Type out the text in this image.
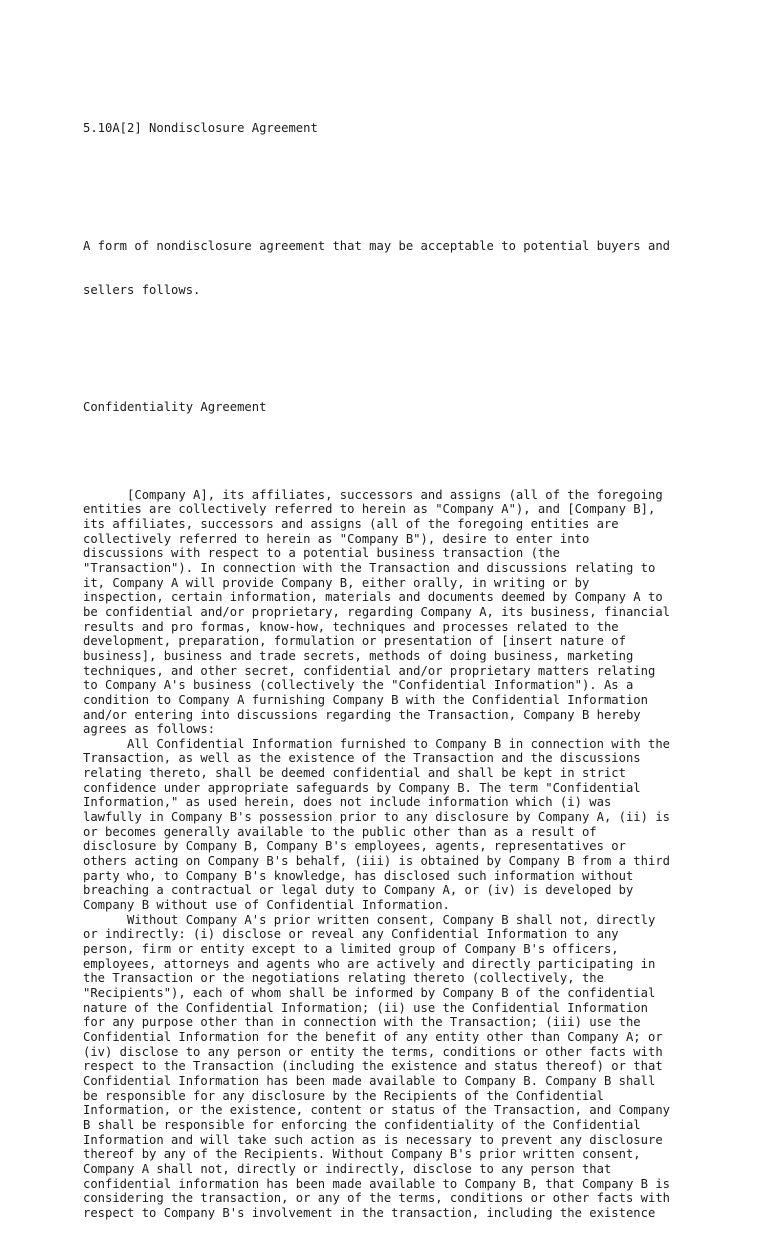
5.10A[2] Nondisclosure Agreement

A form of nondisclosure agreement that may be acceptable to potential buyers and

sellers follows.

Confidentiality Agreement

[Company A], its affiliates, successors and assigns (all of the foregoing
entities are collectively referred to herein as "Company A"), and [Company B],
its affiliates, successors and assigns (all of the foregoing entities are
collectively referred to herein as "Company B"), desire to enter into
discussions with respect to a potential business transaction (the
"Transaction"). In connection with the Transaction and discussions relating to
it, Company A will provide Company B, either orally, in writing or by
inspection, certain information, materials and documents deemed by Company A to
be confidential and/or proprietary, regarding Company A, its business, financial
results and pro formas, know-how, techniques and processes related to the
development, preparation, formulation or presentation of [insert nature of
business], business and trade secrets, methods of doing business, marketing
techniques, and other secret, confidential and/or proprietary matters relating
to Company A's business (collectively the "Confidential Information"). As a
condition to Company A furnishing Company B with the Confidential Information
and/or entering into discussions regarding the Transaction, Company B hereby
agrees as follows:
All Confidential Information furnished to Company B in connection with the
Transaction, as well as the existence of the Transaction and the discussions
relating thereto, shall be deemed confidential and shall be kept in strict
confidence under appropriate safeguards by Company B. The term "Confidential
Information," as used herein, does not include information which (i) was
lawfully in Company B's possession prior to any disclosure by Company A, (ii) is
or becomes generally available to the public other than as a result of
disclosure by Company B, Company B's employees, agents, representatives or
others acting on Company B's behalf, (iii) is obtained by Company B from a third
party who, to Company B's knowledge, has disclosed such information without
breaching a contractual or legal duty to Company A, or (iv) is developed by
Company B without use of Confidential Information.
Without Company A's prior written consent, Company B shall not, directly
or indirectly: (i) disclose or reveal any Confidential Information to any
person, firm or entity except to a limited group of Company B's officers,
employees, attorneys and agents who are actively and directly participating in
the Transaction or the negotiations relating thereto (collectively, the
"Recipients"), each of whom shall be informed by Company B of the confidential
nature of the Confidential Information; (ii) use the Confidential Information
for any purpose other than in connection with the Transaction; (iii) use the
Confidential Information for the benefit of any entity other than Company A; or
(iv) disclose to any person or entity the terms, conditions or other facts with
respect to the Transaction (including the existence and status thereof) or that
Confidential Information has been made available to Company B. Company B shall
be responsible for any disclosure by the Recipients of the Confidential
Information, or the existence, content or status of the Transaction, and Company
B shall be responsible for enforcing the confidentiality of the Confidential
Information and will take such action as is necessary to prevent any disclosure
thereof by any of the Recipients. Without Company B's prior written consent,
Company A shall not, directly or indirectly, disclose to any person that
confidential information has been made available to Company B, that Company B is
considering the transaction, or any of the terms, conditions or other facts with
respect to Company B's involvement in the transaction, including the existence
